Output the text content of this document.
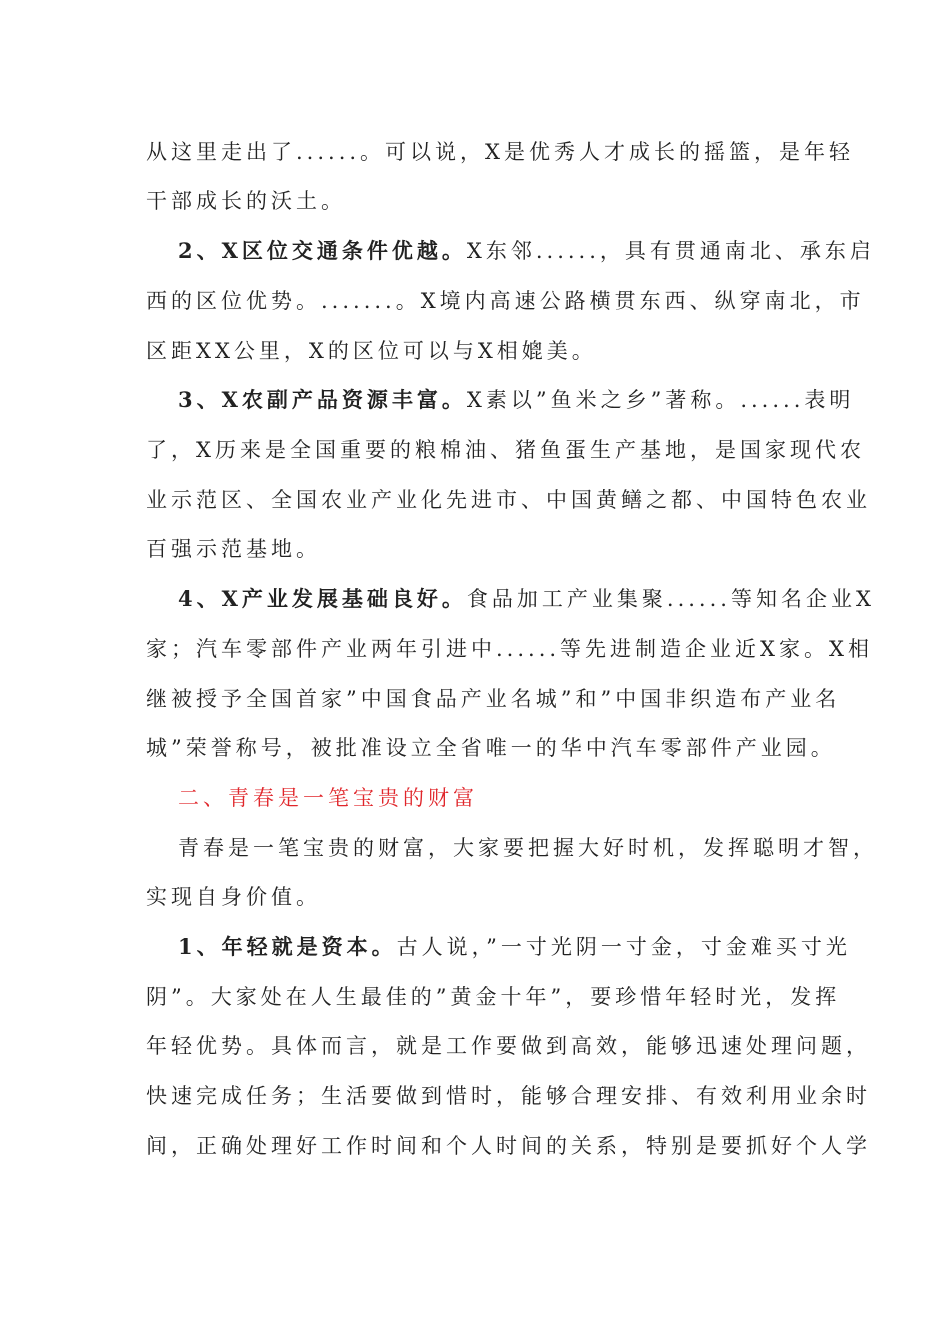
从这里走出了......。可以说，X是优秀人才成长的摇篮，是年轻
干部成长的沃土。
2、X区位交通条件优越。X东邻......，具有贯通南北、承东启
西的区位优势。.......。X境内高速公路横贯东西、纵穿南北，市
区距XX公里，X的区位可以与X相媲美。
3、X农副产品资源丰富。X素以”鱼米之乡”著称。......表明
了，X历来是全国重要的粮棉油、猪鱼蛋生产基地，是国家现代农
业示范区、全国农业产业化先进市、中国黄鳝之都、中国特色农业
百强示范基地。
4、X产业发展基础良好。食品加工产业集聚......等知名企业X
家；汽车零部件产业两年引进中......等先进制造企业近X家。X相
继被授予全国首家”中国食品产业名城”和”中国非织造布产业名
城”荣誉称号，被批准设立全省唯一的华中汽车零部件产业园。
二、青春是一笔宝贵的财富
青春是一笔宝贵的财富，大家要把握大好时机，发挥聪明才智，
实现自身价值。
1、年轻就是资本。古人说，”一寸光阴一寸金，寸金难买寸光
阴”。大家处在人生最佳的”黄金十年”，要珍惜年轻时光，发挥
年轻优势。具体而言，就是工作要做到高效，能够迅速处理问题，
快速完成任务；生活要做到惜时，能够合理安排、有效利用业余时
间，正确处理好工作时间和个人时间的关系，特别是要抓好个人学
